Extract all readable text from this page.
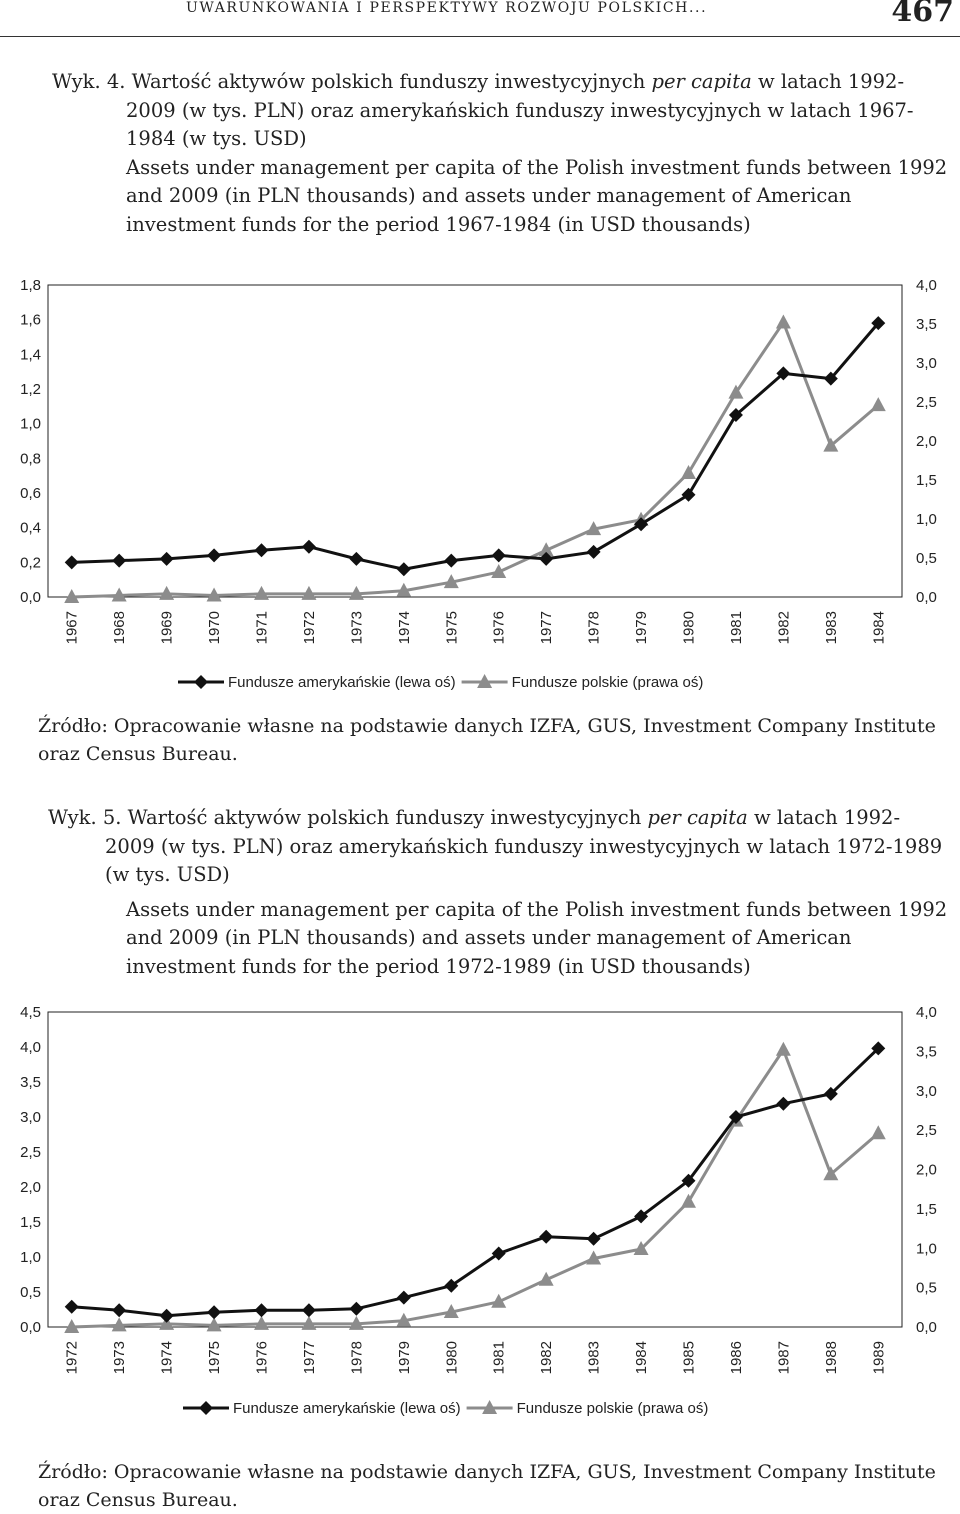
UWARUNKOWANIA I PERSPEKTYWY ROZWOJU POLSKICH...	467
Wyk. 4. Wartość aktywów polskich funduszy inwestycyjnych per capita w latach 1992-2009 (w tys. PLN) oraz amerykańskich funduszy inwestycyjnych w latach 1967-1984 (w tys. USD)
Assets under management per capita of the Polish investment funds between 1992 and 2009 (in PLN thousands) and assets under management of American investment funds for the period 1967-1984 (in USD thousands)
0,0
0,2
0,4
0,6
0,8
1,0
1,2
1,4
1,6
1,8
0,0
0,5
1,0
1,5
2,0
2,5
3,0
3,5
4,0
1967 1968 1969 1970 1971 1972 1973 1974 1975 1976 1977 1978 1979 1980 1981 1982 1983 1984
Fundusze amerykańskie (lewa oś)	Fundusze polskie (prawa oś)
Źródło: Opracowanie własne na podstawie danych IZFA, GUS, Investment Company Institute oraz Census Bureau.
Wyk. 5. Wartość aktywów polskich funduszy inwestycyjnych per capita w latach 1992-2009 (w tys. PLN) oraz amerykańskich funduszy inwestycyjnych w latach 1972-1989 (w tys. USD)
Assets under management per capita of the Polish investment funds between 1992 and 2009 (in PLN thousands) and assets under management of American investment funds for the period 1972-1989 (in USD thousands)
0,0
0,5
1,0
1,5
2,0
2,5
3,0
3,5
4,0
4,5
0,0
0,5
1,0
1,5
2,0
2,5
3,0
3,5
4,0
1972 1973 1974 1975 1976 1977 1978 1979 1980 1981 1982 1983 1984 1985 1986 1987 1988 1989
Fundusze amerykańskie (lewa oś)	Fundusze polskie (prawa oś)
Źródło: Opracowanie własne na podstawie danych IZFA, GUS, Investment Company Institute oraz Census Bureau.
